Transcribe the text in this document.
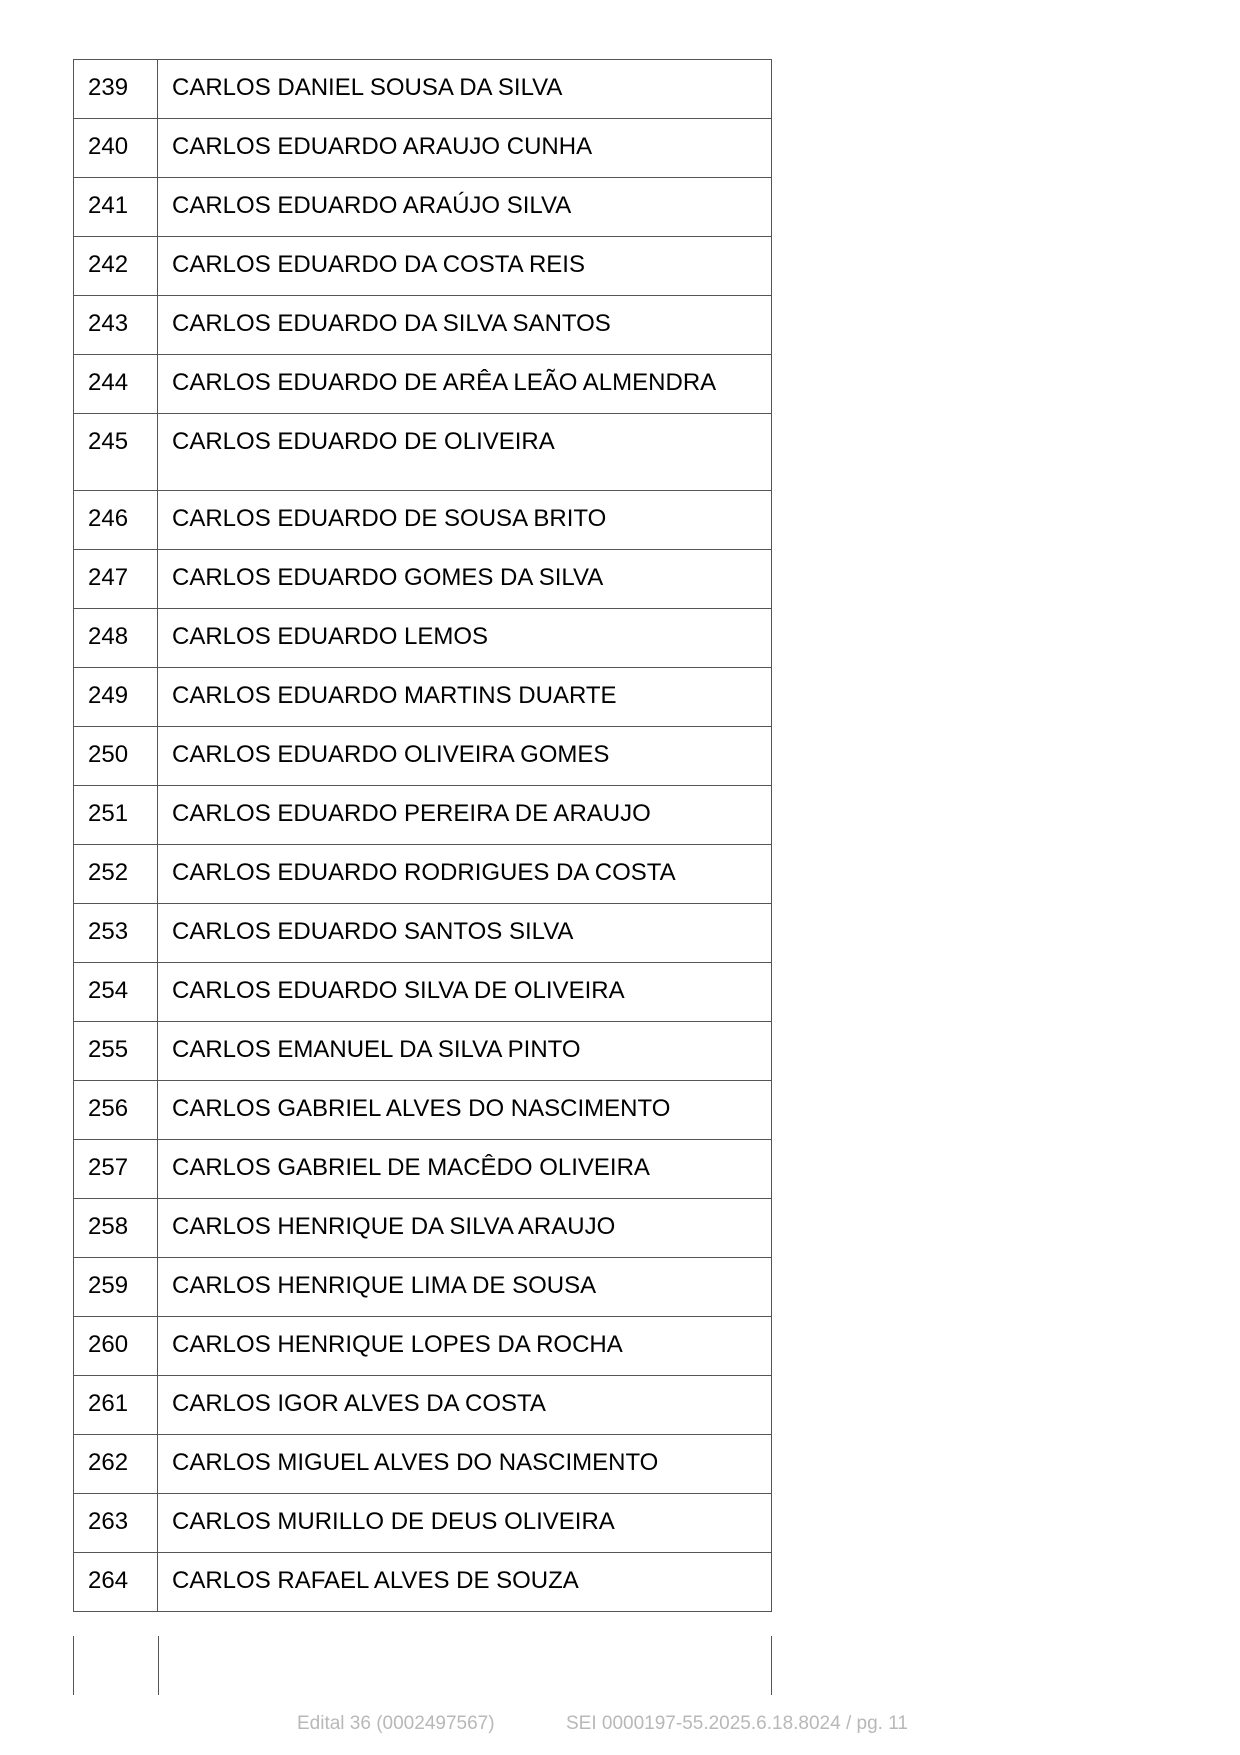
239	CARLOS DANIEL SOUSA DA SILVA
240	CARLOS EDUARDO ARAUJO CUNHA
241	CARLOS EDUARDO ARAÚJO SILVA
242	CARLOS EDUARDO DA COSTA REIS
243	CARLOS EDUARDO DA SILVA SANTOS
244	CARLOS EDUARDO DE ARÊA LEÃO ALMENDRA
245	CARLOS EDUARDO DE OLIVEIRA
246	CARLOS EDUARDO DE SOUSA BRITO
247	CARLOS EDUARDO GOMES DA SILVA
248	CARLOS EDUARDO LEMOS
249	CARLOS EDUARDO MARTINS DUARTE
250	CARLOS EDUARDO OLIVEIRA GOMES
251	CARLOS EDUARDO PEREIRA DE ARAUJO
252	CARLOS EDUARDO RODRIGUES DA COSTA
253	CARLOS EDUARDO SANTOS SILVA
254	CARLOS EDUARDO SILVA DE OLIVEIRA
255	CARLOS EMANUEL DA SILVA PINTO
256	CARLOS GABRIEL ALVES DO NASCIMENTO
257	CARLOS GABRIEL DE MACÊDO OLIVEIRA
258	CARLOS HENRIQUE DA SILVA ARAUJO
259	CARLOS HENRIQUE LIMA DE SOUSA
260	CARLOS HENRIQUE LOPES DA ROCHA
261	CARLOS IGOR ALVES DA COSTA
262	CARLOS MIGUEL ALVES DO NASCIMENTO
263	CARLOS MURILLO DE DEUS OLIVEIRA
264	CARLOS RAFAEL ALVES DE SOUZA
Edital 36 (0002497567)	SEI 0000197-55.2025.6.18.8024 / pg. 11
